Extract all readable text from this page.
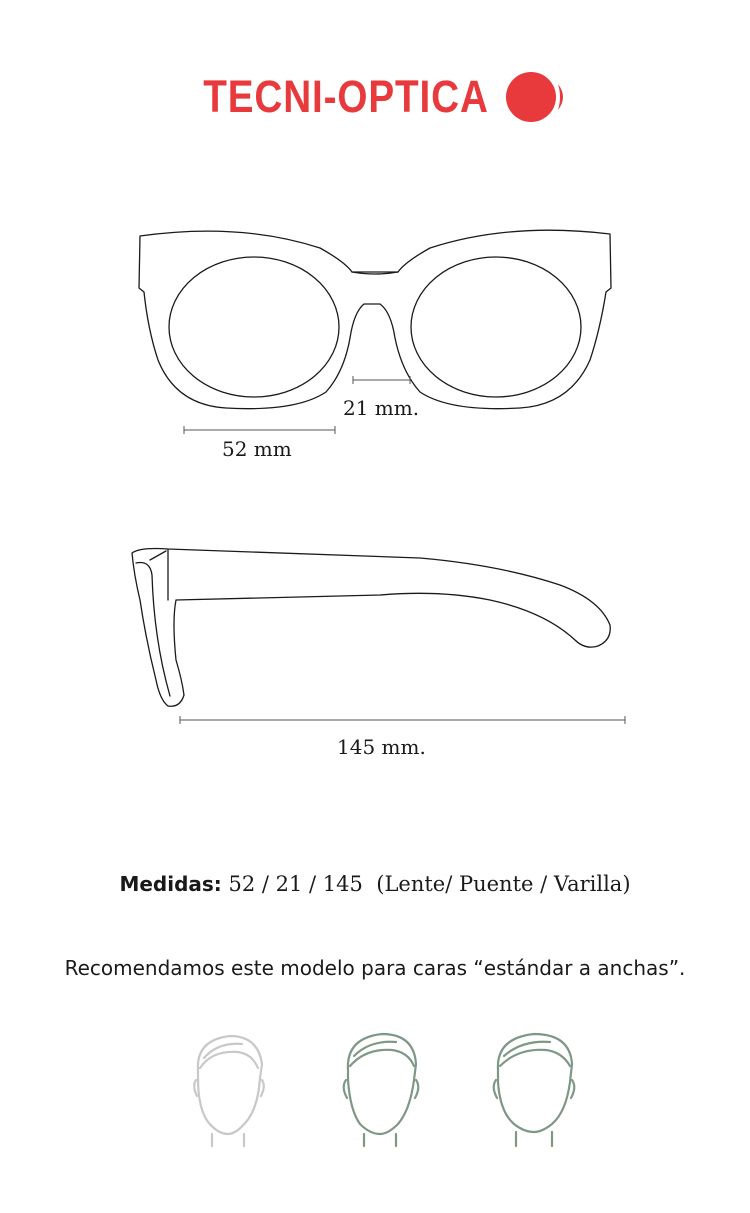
TECNI-OPTICA
21 mm.
52 mm
145 mm.
Medidas: 52 / 21 / 145 (Lente/ Puente / Varilla)
Recomendamos este modelo para caras “estándar a anchas”.
